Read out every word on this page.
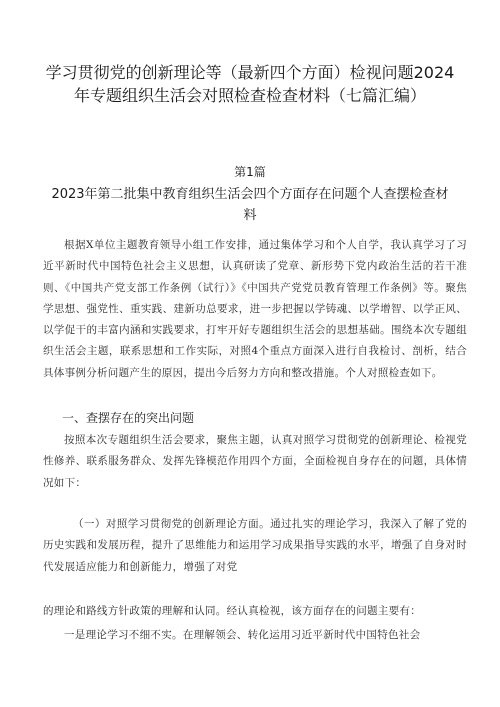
学习贯彻党的创新理论等（最新四个方面）检视问题2024年专题组织生活会对照检查检查材料（七篇汇编）
第1篇
2023年第二批集中教育组织生活会四个方面存在问题个人查摆检查材料

根据X单位主题教育领导小组工作安排，通过集体学习和个人自学，我认真学习了习近平新时代中国特色社会主义思想，认真研读了党章、新形势下党内政治生活的若干准则、《中国共产党支部工作条例（试行）》《中国共产党党员教育管理工作条例》等。聚焦学思想、强党性、重实践、建新功总要求，进一步把握以学铸魂、以学增智、以学正风、以学促干的丰富内涵和实践要求，打牢开好专题组织生活会的思想基础。围绕本次专题组织生活会主题，联系思想和工作实际，对照4个重点方面深入进行自我检讨、剖析，结合具体事例分析问题产生的原因，提出今后努力方向和整改措施。个人对照检查如下。

一、查摆存在的突出问题

按照本次专题组织生活会要求，聚焦主题，认真对照学习贯彻党的创新理论、检视党性修养、联系服务群众、发挥先锋模范作用四个方面，全面检视自身存在的问题，具体情况如下：

（一）对照学习贯彻党的创新理论方面。通过扎实的理论学习，我深入了解了党的历史实践和发展历程，提升了思维能力和运用学习成果指导实践的水平，增强了自身对时代发展适应能力和创新能力，增强了对党

的理论和路线方针政策的理解和认同。经认真检视，该方面存在的问题主要有：

一是理论学习不细不实。在理解领会、转化运用习近平新时代中国特色社会
